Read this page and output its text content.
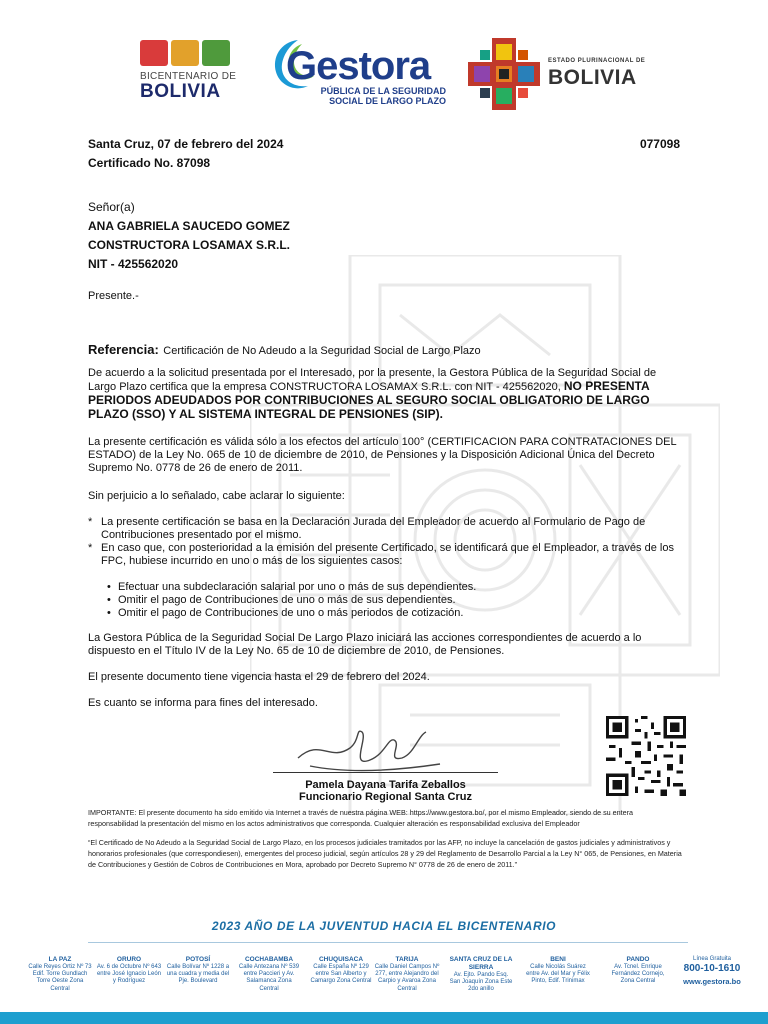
BICENTENARIO DE
BOLIVIA
Gestora
PÚBLICA DE LA SEGURIDAD
SOCIAL DE LARGO PLAZO
ESTADO PLURINACIONAL DE
BOLIVIA
Santa Cruz, 07 de febrero del 2024	077098
Certificado No. 87098
Señor(a)
ANA GABRIELA SAUCEDO GOMEZ
CONSTRUCTORA LOSAMAX S.R.L.
NIT - 425562020
Presente.-
Referencia: Certificación de No Adeudo a la Seguridad Social de Largo Plazo
De acuerdo a la solicitud presentada por el Interesado, por la presente, la Gestora Pública de la Seguridad Social de Largo Plazo certifica que la empresa CONSTRUCTORA LOSAMAX S.R.L. con NIT - 425562020, NO PRESENTA PERIODOS ADEUDADOS POR CONTRIBUCIONES AL SEGURO SOCIAL OBLIGATORIO DE LARGO PLAZO (SSO) Y AL SISTEMA INTEGRAL DE PENSIONES (SIP).
La presente certificación es válida sólo a los efectos del artículo 100° (CERTIFICACION PARA CONTRATACIONES DEL ESTADO) de la Ley No. 065 de 10 de diciembre de 2010, de Pensiones y la Disposición Adicional Única del Decreto Supremo No. 0778 de 26 de enero de 2011.
Sin perjuicio a lo señalado, cabe aclarar lo siguiente:
* La presente certificación se basa en la Declaración Jurada del Empleador de acuerdo al Formulario de Pago de Contribuciones presentado por el mismo.
* En caso que, con posterioridad a la emisión del presente Certificado, se identificará que el Empleador, a través de los FPC, hubiese incurrido en uno o más de los siguientes casos:
• Efectuar una subdeclaración salarial por uno o más de sus dependientes.
• Omitir el pago de Contribuciones de uno o más de sus dependientes.
• Omitir el pago de Contribuciones de uno o más periodos de cotización.
La Gestora Pública de la Seguridad Social De Largo Plazo iniciará las acciones correspondientes de acuerdo a lo dispuesto en el Título IV de la Ley No. 65 de 10 de diciembre de 2010, de Pensiones.
El presente documento tiene vigencia hasta el 29 de febrero del 2024.
Es cuanto se informa para fines del interesado.
Pamela Dayana Tarifa Zeballos
Funcionario Regional Santa Cruz
IMPORTANTE: El presente documento ha sido emitido via Internet a través de nuestra página WEB: https://www.gestora.bo/, por el mismo Empleador, siendo de su entera responsabilidad la presentación del mismo en los actos administrativos que corresponda. Cualquier alteración es responsabilidad exclusiva del Empleador
“El Certificado de No Adeudo a la Seguridad Social de Largo Plazo, en los procesos judiciales tramitados por las AFP, no incluye la cancelación de gastos judiciales y administrativos y honorarios profesionales (que correspondiesen), emergentes del proceso judicial, según artículos 28 y 29 del Reglamento de Desarrollo Parcial a la Ley N° 065, de Pensiones, en Materia de Contribuciones y Gestión de Cobros de Contribuciones en Mora, aprobado por Decreto Supremo N° 0778 de 26 de enero de 2011.”
2023 AÑO DE LA JUVENTUD HACIA EL BICENTENARIO
LA PAZ
Calle Reyes Ortiz Nº 73 Edif. Torre Gundlach Torre Oeste Zona Central
ORURO
Av. 6 de Octubre Nº 643 entre José Ignacio León y Rodríguez
POTOSÍ
Calle Bolívar Nº 1228 a una cuadra y media del Pje. Boulevard
COCHABAMBA
Calle Antezana Nº 539 entre Paccieri y Av. Salamanca Zona Central
CHUQUISACA
Calle España Nº 129 entre San Alberto y Camargo Zona Central
TARIJA
Calle Daniel Campos Nº 277, entre Alejandro del Carpio y Avaroa Zona Central
SANTA CRUZ DE LA SIERRA
Av. Ejto. Pando Esq. San Joaquín Zona Este 2do anillo
BENI
Calle Nicolás Suárez entre Av. del Mar y Félix Pinto, Edif. Trinimax
PANDO
Av. Tcnel. Enrique Fernández Cornejo, Zona Central
Línea Gratuita
800-10-1610
www.gestora.bo
